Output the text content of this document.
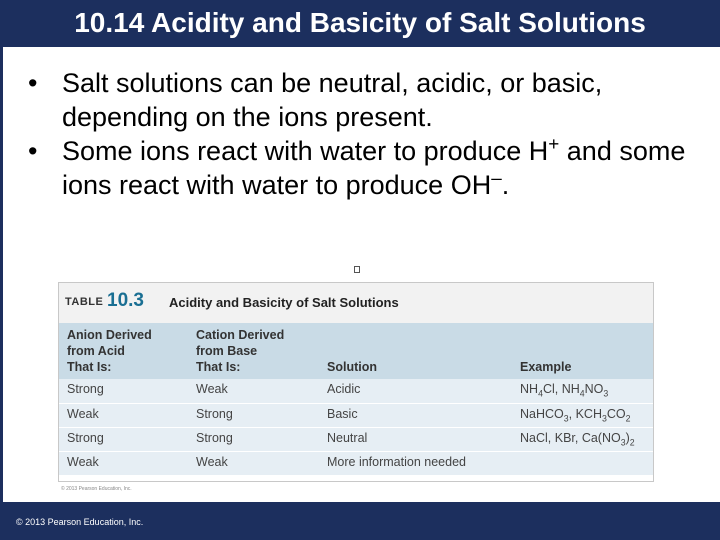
10.14 Acidity and Basicity of Salt Solutions
• Salt solutions can be neutral, acidic, or basic, depending on the ions present.
• Some ions react with water to produce H+ and some ions react with water to produce OH–.
TABLE 10.3 Acidity and Basicity of Salt Solutions
Anion Derived
from Acid
That Is:
Cation Derived
from Base
That Is:	Solution	Example
Strong	Weak	Acidic	$NH_4Cl$, $NH_4NO_3$
Weak	Strong	Basic	NaHCO$_3$, $KCH_3CO_2$
Strong	Strong	Neutral	NaCl, KBr, $Ca(NO_3)_2$
Weak	Weak	More information needed
© 2013 Pearson Education, Inc.
© 2013 Pearson Education, Inc.
